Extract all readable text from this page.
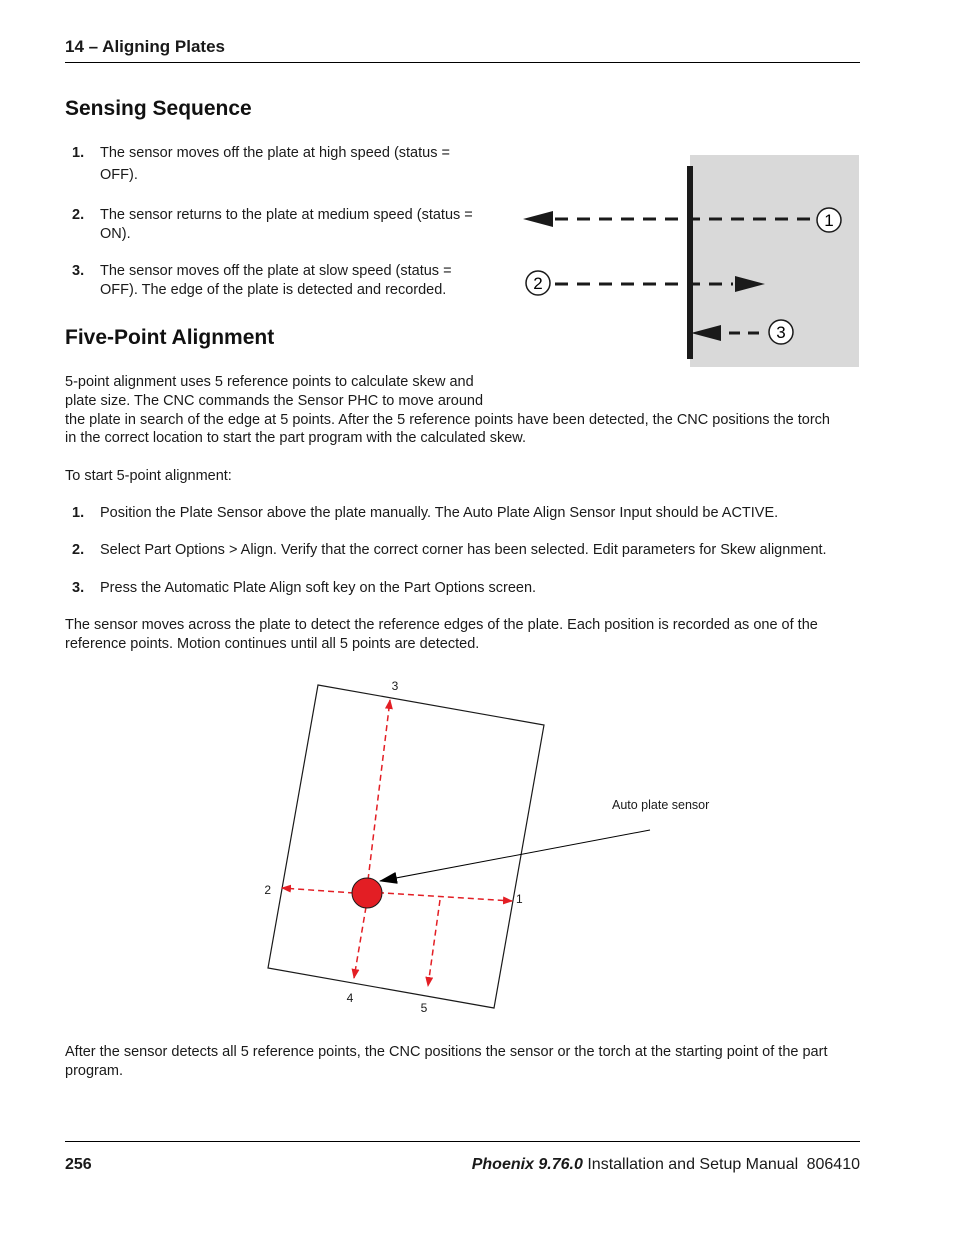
14 – Aligning Plates
Sensing Sequence
1. The sensor moves off the plate at high speed (status =
OFF).
2. The sensor returns to the plate at medium speed (status =
ON).
3. The sensor moves off the plate at slow speed (status =
OFF). The edge of the plate is detected and recorded.
1
2
3
Five-Point Alignment
5-point alignment uses 5 reference points to calculate skew and
plate size. The CNC commands the Sensor PHC to move around
the plate in search of the edge at 5 points. After the 5 reference points have been detected, the CNC positions the torch
in the correct location to start the part program with the calculated skew.
To start 5-point alignment:
1. Position the Plate Sensor above the plate manually. The Auto Plate Align Sensor Input should be ACTIVE.
2. Select Part Options > Align. Verify that the correct corner has been selected. Edit parameters for Skew alignment.
3. Press the Automatic Plate Align soft key on the Part Options screen.
The sensor moves across the plate to detect the reference edges of the plate. Each position is recorded as one of the
reference points. Motion continues until all 5 points are detected.
1
2
3
4
5
Auto plate sensor
After the sensor detects all 5 reference points, the CNC positions the sensor or the torch at the starting point of the part
program.
256	Phoenix 9.76.0 Installation and Setup Manual 806410
